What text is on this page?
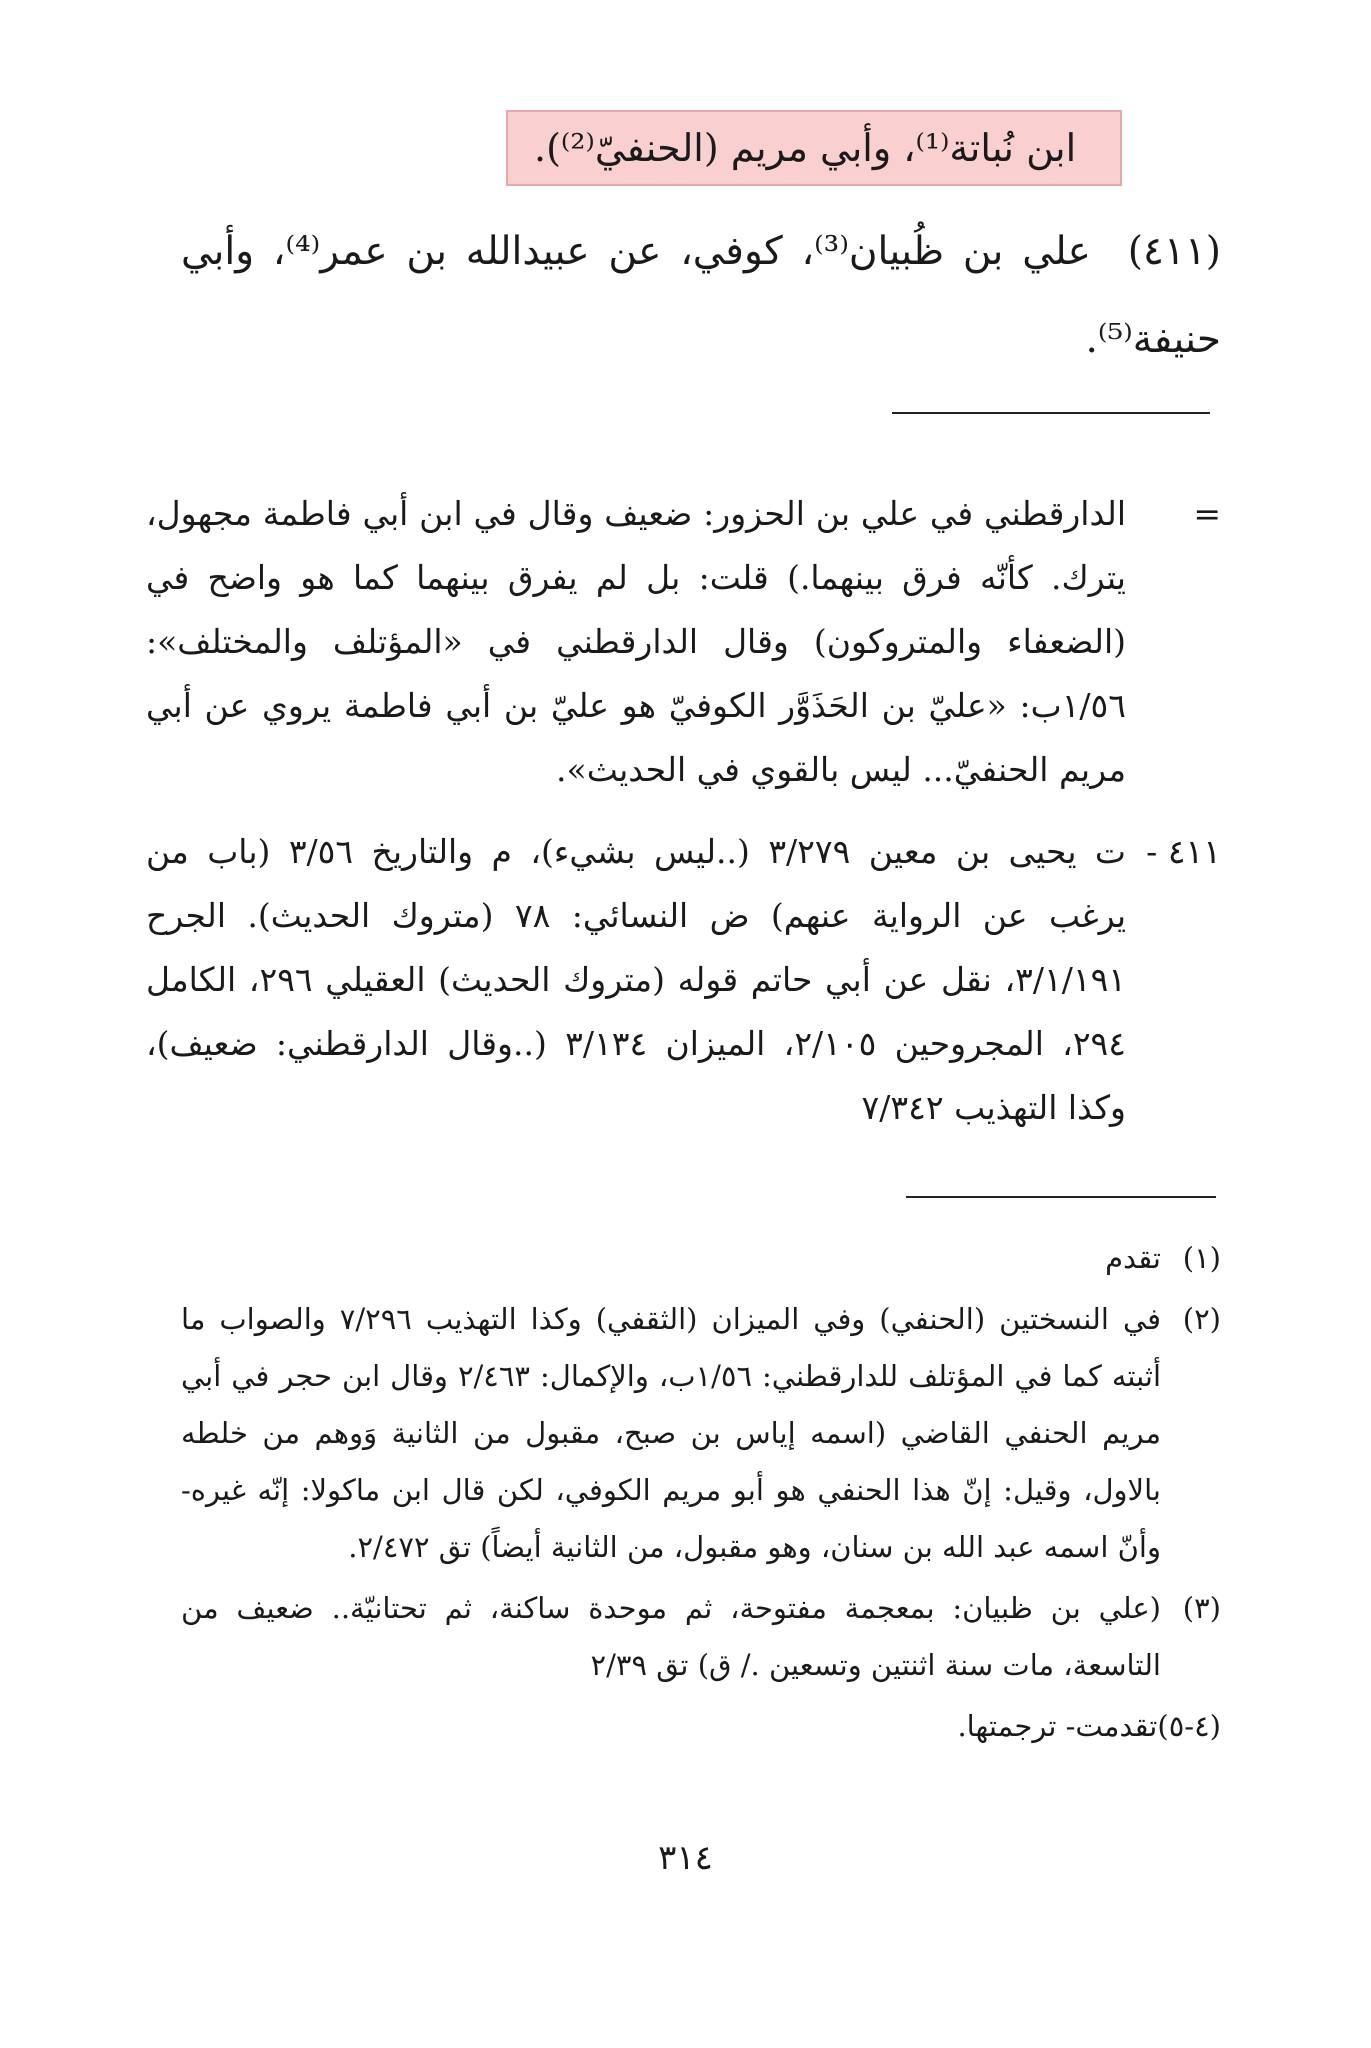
ابن نُباتة⁽¹⁾، وأبي مريم (الحنفيّ⁽²⁾).
(٤١١) علي بن ظُبيان⁽³⁾، كوفي، عن عبيدالله بن عمر⁽⁴⁾، وأبي حنيفة⁽⁵⁾.
=
الدارقطني في علي بن الحزور: ضعيف وقال في ابن أبي فاطمة مجهول، يترك. كأنّه فرق بينهما.) قلت: بل لم يفرق بينهما كما هو واضح في (الضعفاء والمتروكون) وقال الدارقطني في «المؤتلف والمختلف»: ١/٥٦ب: «عليّ بن الحَذَوَّر الكوفيّ هو عليّ بن أبي فاطمة يروي عن أبي مريم الحنفيّ... ليس بالقوي في الحديث».
٤١١ -
ت يحيى بن معين ٣/٢٧٩ (..ليس بشيء)، م والتاريخ ٣/٥٦ (باب من يرغب عن الرواية عنهم) ض النسائي: ٧٨ (متروك الحديث). الجرح ٣/١/١٩١، نقل عن أبي حاتم قوله (متروك الحديث) العقيلي ٢٩٦، الكامل ٢٩٤، المجروحين ٢/١٠٥، الميزان ٣/١٣٤ (..وقال الدارقطني: ضعيف)، وكذا التهذيب ٧/٣٤٢
(١)
تقدم
(٢)
في النسختين (الحنفي) وفي الميزان (الثقفي) وكذا التهذيب ٧/٢٩٦ والصواب ما أثبته كما في المؤتلف للدارقطني: ١/٥٦ب، والإكمال: ٢/٤٦٣ وقال ابن حجر في أبي مريم الحنفي القاضي (اسمه إياس بن صبح، مقبول من الثانية وَوهم من خلطه بالاول، وقيل: إنّ هذا الحنفي هو أبو مريم الكوفي، لكن قال ابن ماكولا: إنّه غيره- وأنّ اسمه عبد الله بن سنان، وهو مقبول، من الثانية أيضاً) تق ٢/٤٧٢.
(٣)
(علي بن ظبيان: بمعجمة مفتوحة، ثم موحدة ساكنة، ثم تحتانيّة.. ضعيف من التاسعة، مات سنة اثنتين وتسعين ./ ق) تق ٢/٣٩
(٤-٥)تقدمت- ترجمتها.
٣١٤
